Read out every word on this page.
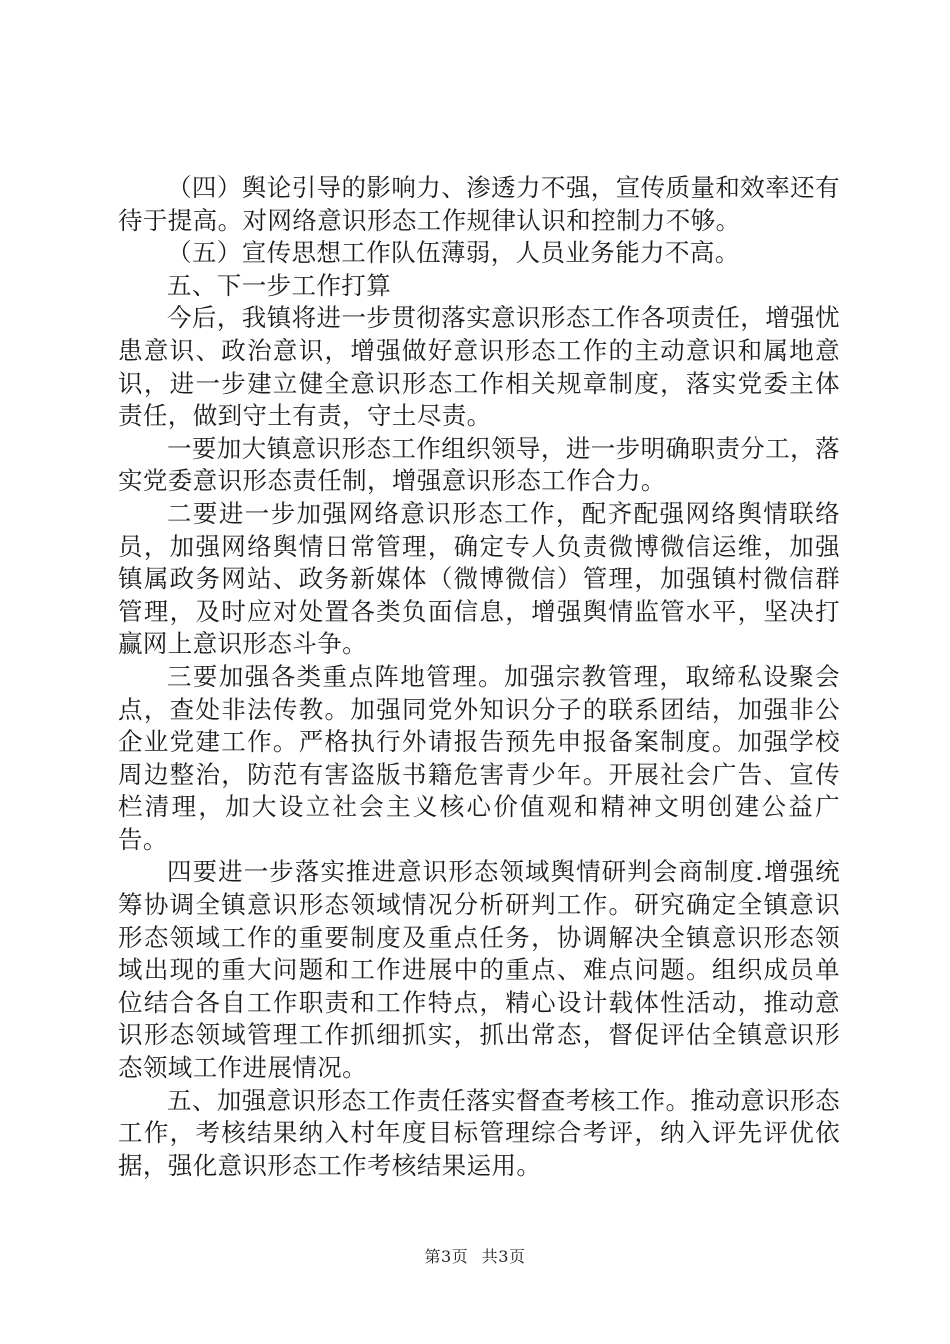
（四）舆论引导的影响力、渗透力不强，宣传质量和效率还有待于提高。对网络意识形态工作规律认识和控制力不够。

（五）宣传思想工作队伍薄弱，人员业务能力不高。

五、下一步工作打算

今后，我镇将进一步贯彻落实意识形态工作各项责任，增强忧患意识、政治意识，增强做好意识形态工作的主动意识和属地意识，进一步建立健全意识形态工作相关规章制度，落实党委主体责任，做到守土有责，守土尽责。

一要加大镇意识形态工作组织领导，进一步明确职责分工，落实党委意识形态责任制，增强意识形态工作合力。

二要进一步加强网络意识形态工作，配齐配强网络舆情联络员，加强网络舆情日常管理，确定专人负责微博微信运维，加强镇属政务网站、政务新媒体（微博微信）管理，加强镇村微信群管理，及时应对处置各类负面信息，增强舆情监管水平，坚决打赢网上意识形态斗争。

三要加强各类重点阵地管理。加强宗教管理，取缔私设聚会点，查处非法传教。加强同党外知识分子的联系团结，加强非公企业党建工作。严格执行外请报告预先申报备案制度。加强学校周边整治，防范有害盗版书籍危害青少年。开展社会广告、宣传栏清理，加大设立社会主义核心价值观和精神文明创建公益广告。

四要进一步落实推进意识形态领域舆情研判会商制度.增强统筹协调全镇意识形态领域情况分析研判工作。研究确定全镇意识形态领域工作的重要制度及重点任务，协调解决全镇意识形态领域出现的重大问题和工作进展中的重点、难点问题。组织成员单位结合各自工作职责和工作特点，精心设计载体性活动，推动意识形态领域管理工作抓细抓实，抓出常态，督促评估全镇意识形态领域工作进展情况。

五、加强意识形态工作责任落实督查考核工作。推动意识形态工作，考核结果纳入村年度目标管理综合考评，纳入评先评优依据，强化意识形态工作考核结果运用。

第3页 共3页
